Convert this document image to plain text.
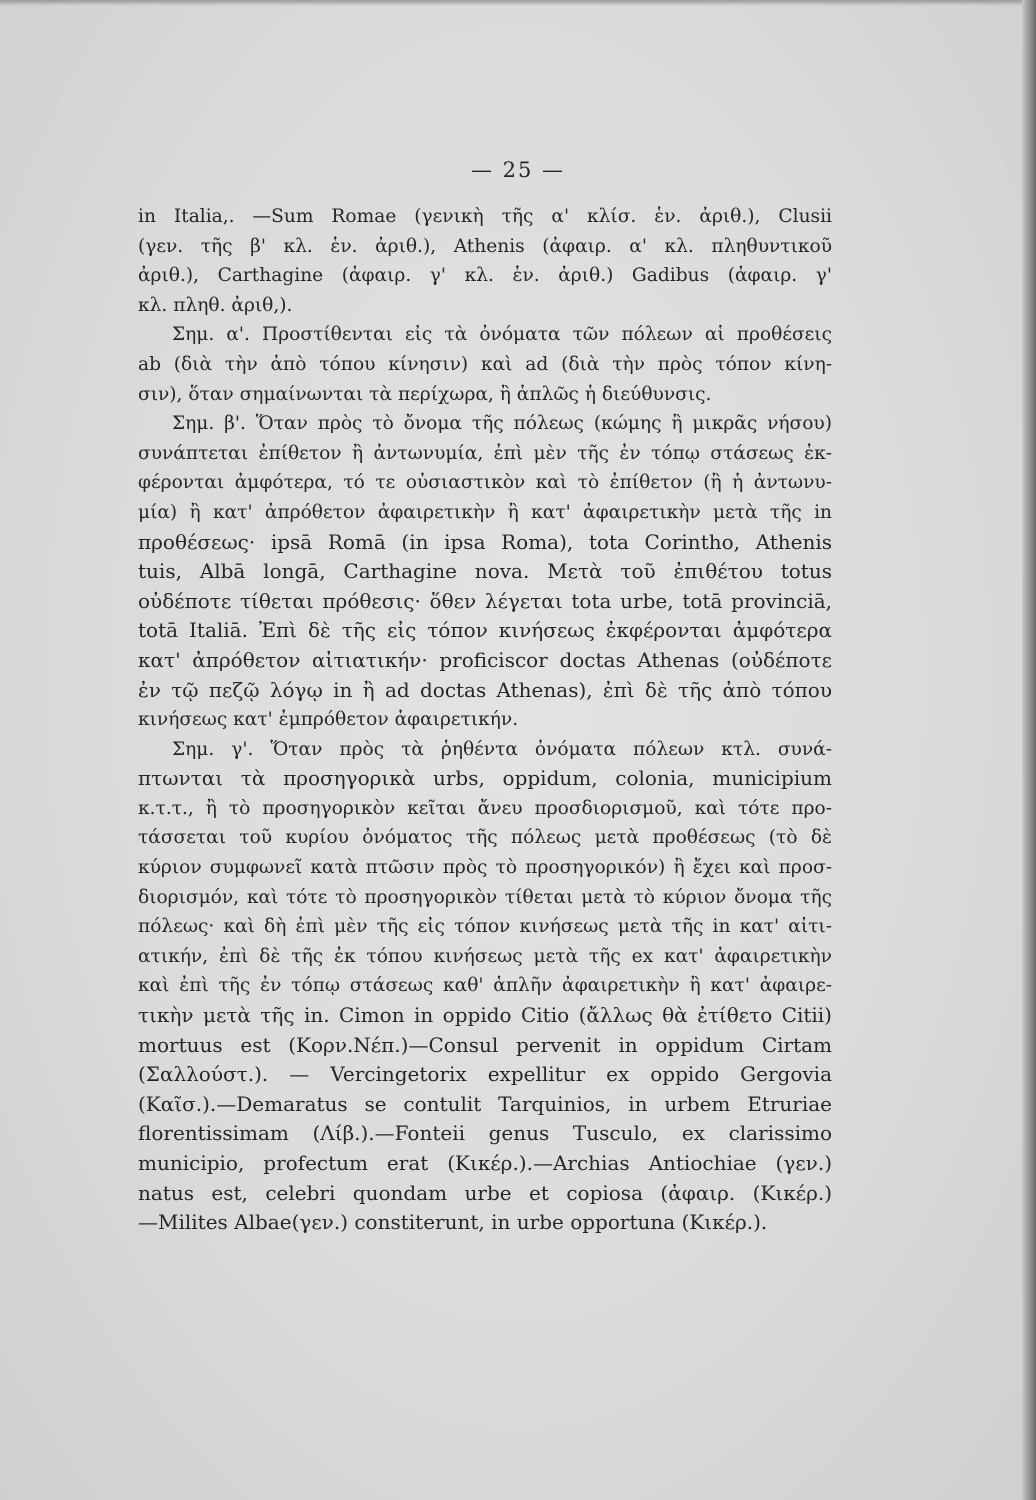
— 25 —
in Italia,. —Sum Romae (γενικὴ τῆς α' κλίσ. ἑν. ἀριθ.), Clusii
(γεν. τῆς β' κλ. ἑν. ἀριθ.), Athenis (ἀφαιρ. α' κλ. πληθυντικοῦ
ἀριθ.), Carthagine (ἀφαιρ. γ' κλ. ἑν. ἀριθ.) Gadibus (ἀφαιρ. γ'
κλ. πληθ. ἀριθ,).
Σημ. α'. Προστίθενται εἰς τὰ ὀνόματα τῶν πόλεων αἱ προθέσεις
ab (διὰ τὴν ἀπὸ τόπου κίνησιν) καὶ ad (διὰ τὴν πρὸς τόπον κίνη-
σιν), ὅταν σημαίνωνται τὰ περίχωρα, ἢ ἁπλῶς ἡ διεύθυνσις.
Σημ. β'. Ὅταν πρὸς τὸ ὄνομα τῆς πόλεως (κώμης ἢ μικρᾶς νήσου)
συνάπτεται ἐπίθετον ἢ ἀντωνυμία, ἐπὶ μὲν τῆς ἐν τόπῳ στάσεως ἐκ-
φέρονται ἀμφότερα, τό τε οὐσιαστικὸν καὶ τὸ ἐπίθετον (ἢ ἡ ἀντωνυ-
μία) ἢ κατ' ἀπρόθετον ἀφαιρετικὴν ἢ κατ' ἀφαιρετικὴν μετὰ τῆς in
προθέσεως· ipsā Romā (in ipsa Roma), tota Corintho, Athenis
tuis, Albā longā, Carthagine nova. Μετὰ τοῦ ἐπιθέτου totus
οὐδέποτε τίθεται πρόθεσις· ὅθεν λέγεται tota urbe, totā provinciā,
totā Italiā. Ἐπὶ δὲ τῆς εἰς τόπον κινήσεως ἐκφέρονται ἀμφότερα
κατ' ἀπρόθετον αἰτιατικήν· proficiscor doctas Athenas (οὐδέποτε
ἐν τῷ πεζῷ λόγῳ in ἢ ad doctas Athenas), ἐπὶ δὲ τῆς ἀπὸ τόπου
κινήσεως κατ' ἐμπρόθετον ἀφαιρετικήν.
Σημ. γ'. Ὅταν πρὸς τὰ ῥηθέντα ὀνόματα πόλεων κτλ. συνά-
πτωνται τὰ προσηγορικὰ urbs, oppidum, colonia, municipium
κ.τ.τ., ἢ τὸ προσηγορικὸν κεῖται ἄνευ προσδιορισμοῦ, καὶ τότε προ-
τάσσεται τοῦ κυρίου ὀνόματος τῆς πόλεως μετὰ προθέσεως (τὸ δὲ
κύριον συμφωνεῖ κατὰ πτῶσιν πρὸς τὸ προσηγορικόν) ἢ ἔχει καὶ προσ-
διορισμόν, καὶ τότε τὸ προσηγορικὸν τίθεται μετὰ τὸ κύριον ὄνομα τῆς
πόλεως· καὶ δὴ ἐπὶ μὲν τῆς εἰς τόπον κινήσεως μετὰ τῆς in κατ' αἰτι-
ατικήν, ἐπὶ δὲ τῆς ἐκ τόπου κινήσεως μετὰ τῆς ex κατ' ἀφαιρετικὴν
καὶ ἐπὶ τῆς ἐν τόπῳ στάσεως καθ' ἁπλῆν ἀφαιρετικὴν ἢ κατ' ἀφαιρε-
τικὴν μετὰ τῆς in. Cimon in oppido Citio (ἄλλως θὰ ἐτίθετο Citii)
mortuus est (Κορν.Νέπ.)—Consul pervenit in oppidum Cirtam
(Σαλλούστ.). — Vercingetorix expellitur ex oppido Gergovia
(Καῖσ.).—Demaratus se contulit Tarquinios, in urbem Etruriae
florentissimam (Λίβ.).—Fonteii genus Tusculo, ex clarissimo
municipio, profectum erat (Κικέρ.).—Archias Antiochiae (γεν.)
natus est, celebri quondam urbe et copiosa (ἀφαιρ. (Κικέρ.)
—Milites Albae(γεν.) constiterunt, in urbe opportuna (Κικέρ.).
